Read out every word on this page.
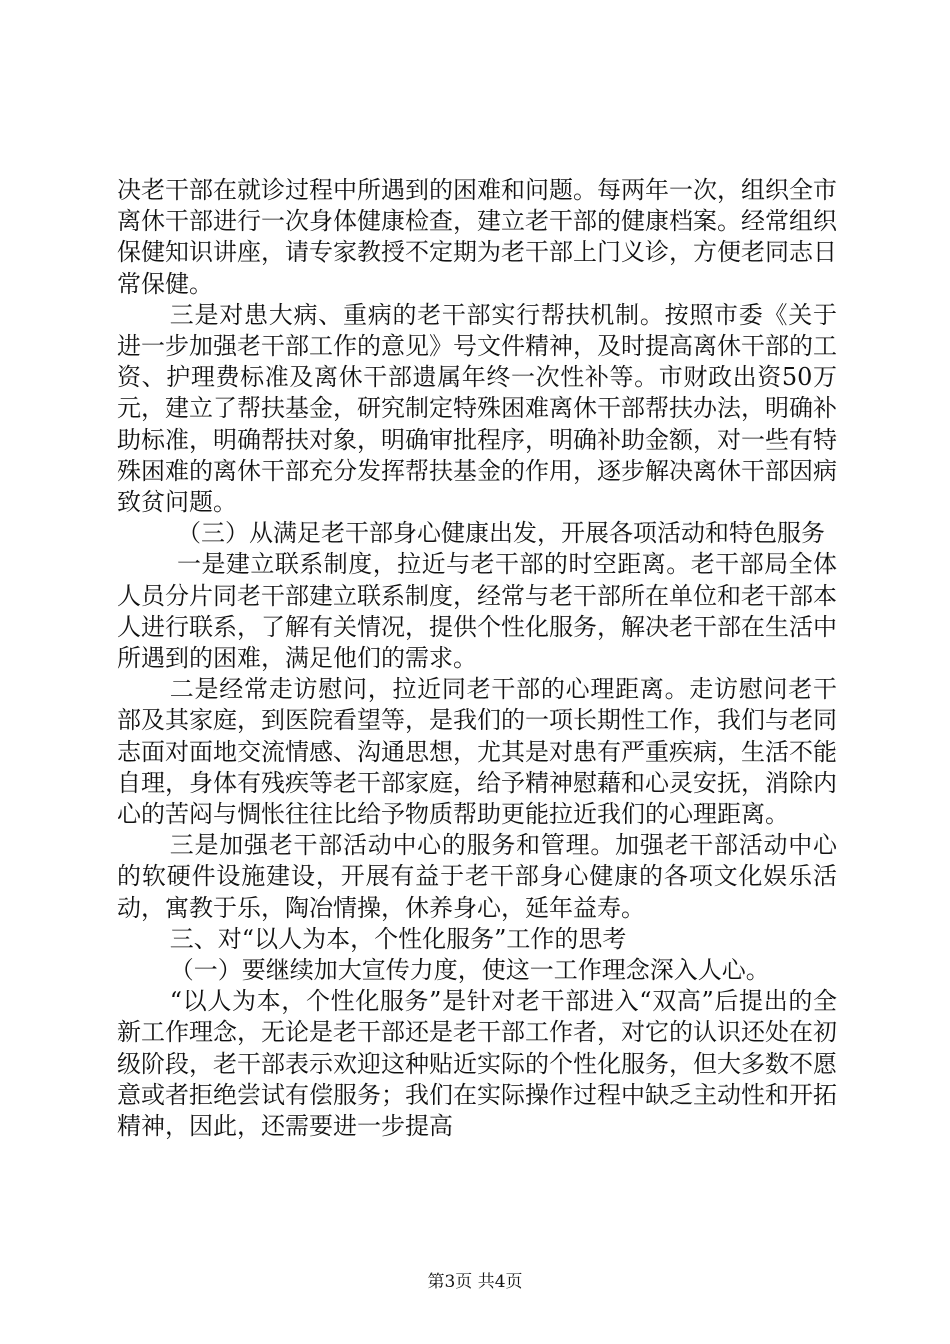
决老干部在就诊过程中所遇到的困难和问题。每两年一次，组织全市离休干部进行一次身体健康检查，建立老干部的健康档案。经常组织保健知识讲座，请专家教授不定期为老干部上门义诊，方便老同志日常保健。

三是对患大病、重病的老干部实行帮扶机制。按照市委《关于进一步加强老干部工作的意见》号文件精神，及时提高离休干部的工资、护理费标准及离休干部遗属年终一次性补等。市财政出资50万元，建立了帮扶基金，研究制定特殊困难离休干部帮扶办法，明确补助标准，明确帮扶对象，明确审批程序，明确补助金额，对一些有特殊困难的离休干部充分发挥帮扶基金的作用，逐步解决离休干部因病致贫问题。

（三）从满足老干部身心健康出发，开展各项活动和特色服务

一是建立联系制度，拉近与老干部的时空距离。老干部局全体人员分片同老干部建立联系制度，经常与老干部所在单位和老干部本人进行联系，了解有关情况，提供个性化服务，解决老干部在生活中所遇到的困难，满足他们的需求。

二是经常走访慰问，拉近同老干部的心理距离。走访慰问老干部及其家庭，到医院看望等，是我们的一项长期性工作，我们与老同志面对面地交流情感、沟通思想，尤其是对患有严重疾病，生活不能自理，身体有残疾等老干部家庭，给予精神慰藉和心灵安抚，消除内心的苦闷与惆怅往往比给予物质帮助更能拉近我们的心理距离。

三是加强老干部活动中心的服务和管理。加强老干部活动中心的软硬件设施建设，开展有益于老干部身心健康的各项文化娱乐活动，寓教于乐，陶冶情操，休养身心，延年益寿。

三、对“以人为本，个性化服务”工作的思考

（一）要继续加大宣传力度，使这一工作理念深入人心。

“以人为本，个性化服务”是针对老干部进入“双高”后提出的全新工作理念，无论是老干部还是老干部工作者，对它的认识还处在初级阶段，老干部表示欢迎这种贴近实际的个性化服务，但大多数不愿意或者拒绝尝试有偿服务；我们在实际操作过程中缺乏主动性和开拓精神，因此，还需要进一步提高

第3页 共4页
